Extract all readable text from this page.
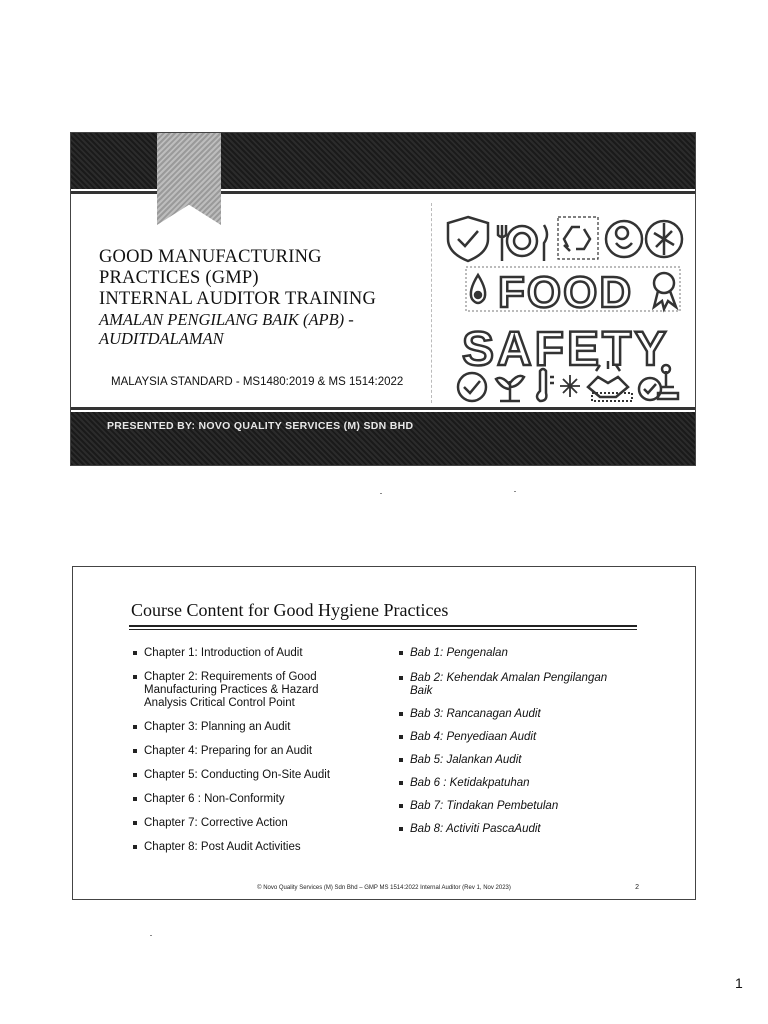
GOOD MANUFACTURING
PRACTICES (GMP)
INTERNAL AUDITOR TRAINING
AMALAN PENGILANG BAIK (APB) -
AUDITDALAMAN
MALAYSIA STANDARD - MS1480:2019 & MS 1514:2022
FOOD
SAFETY
PRESENTED BY: NOVO QUALITY SERVICES (M) SDN BHD
Course Content for Good Hygiene Practices
Chapter 1: Introduction of Audit
Chapter 2: Requirements of Good
Manufacturing Practices & Hazard
Analysis Critical Control Point
Chapter 3: Planning an Audit
Chapter 4: Preparing for an Audit
Chapter 5: Conducting On-Site Audit
Chapter 6 : Non-Conformity
Chapter 7: Corrective Action
Chapter 8: Post Audit Activities
Bab 1: Pengenalan
Bab 2: Kehendak Amalan Pengilangan
Baik
Bab 3: Rancanagan Audit
Bab 4: Penyediaan Audit
Bab 5: Jalankan Audit
Bab 6 : Ketidakpatuhan
Bab 7: Tindakan Pembetulan
Bab 8: Activiti PascaAudit
© Novo Quality Services (M) Sdn Bhd – GMP MS 1514:2022 Internal Auditor (Rev 1, Nov 2023)	2
1
